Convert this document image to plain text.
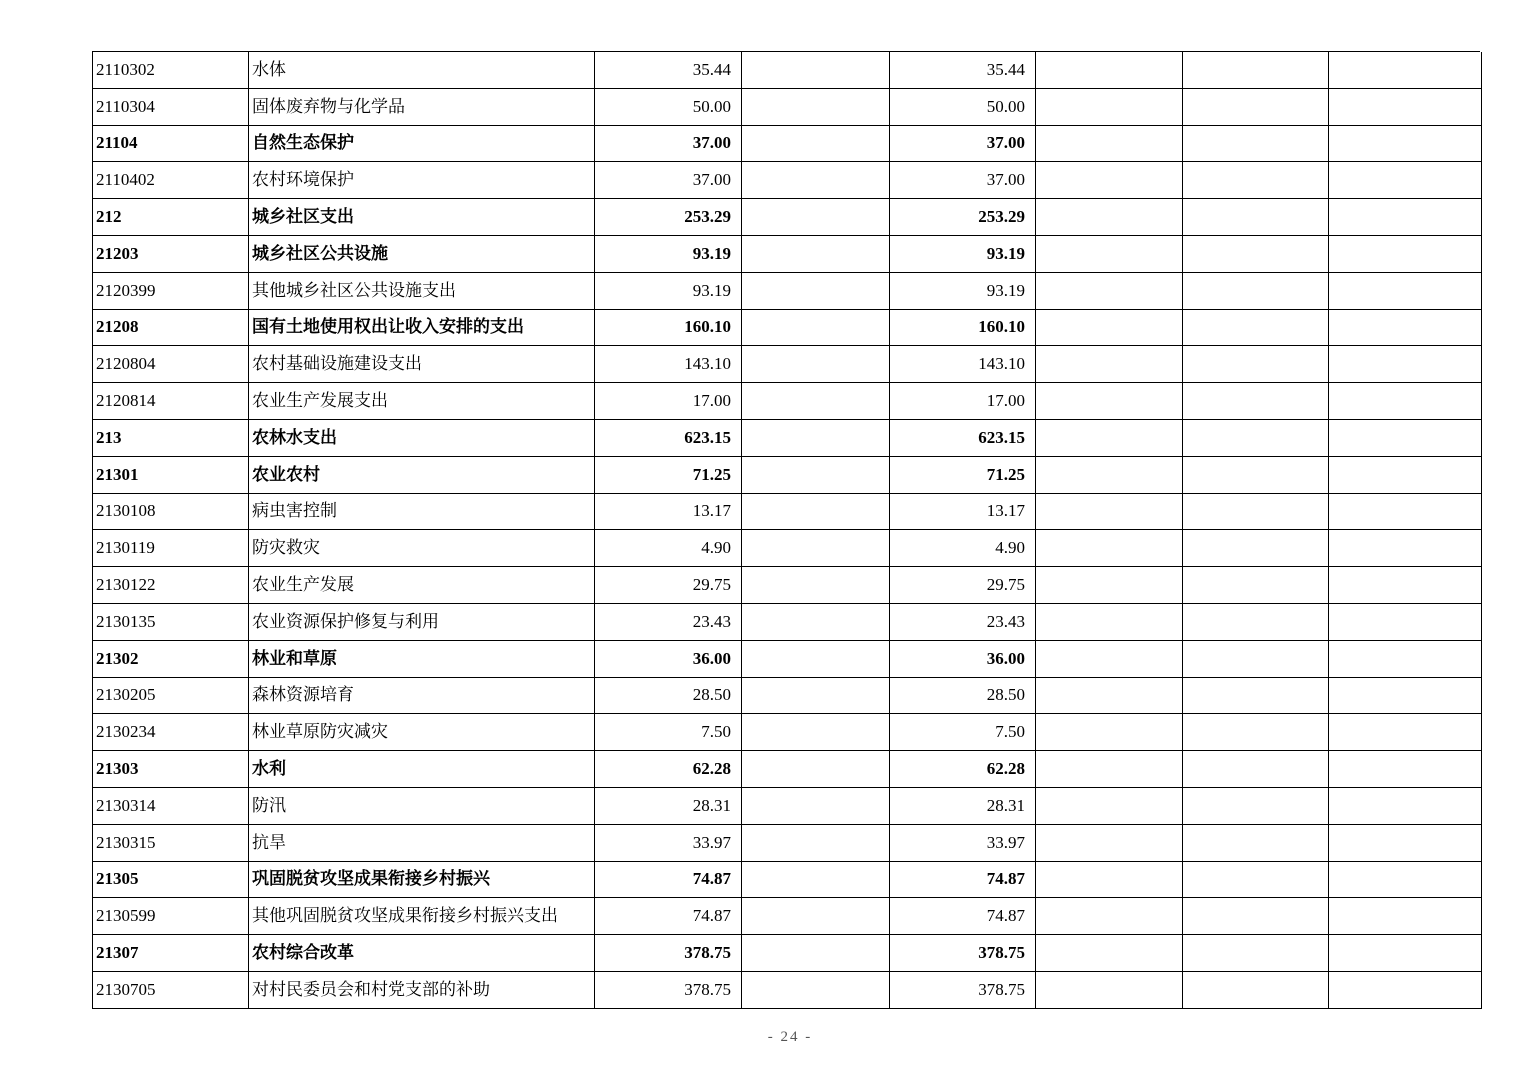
2110302	水体	35.44		35.44			
2110304	固体废弃物与化学品	50.00		50.00			
21104	自然生态保护	37.00		37.00			
2110402	农村环境保护	37.00		37.00			
212	城乡社区支出	253.29		253.29			
21203	城乡社区公共设施	93.19		93.19			
2120399	其他城乡社区公共设施支出	93.19		93.19			
21208	国有土地使用权出让收入安排的支出	160.10		160.10			
2120804	农村基础设施建设支出	143.10		143.10			
2120814	农业生产发展支出	17.00		17.00			
213	农林水支出	623.15		623.15			
21301	农业农村	71.25		71.25			
2130108	病虫害控制	13.17		13.17			
2130119	防灾救灾	4.90		4.90			
2130122	农业生产发展	29.75		29.75			
2130135	农业资源保护修复与利用	23.43		23.43			
21302	林业和草原	36.00		36.00			
2130205	森林资源培育	28.50		28.50			
2130234	林业草原防灾减灾	7.50		7.50			
21303	水利	62.28		62.28			
2130314	防汛	28.31		28.31			
2130315	抗旱	33.97		33.97			
21305	巩固脱贫攻坚成果衔接乡村振兴	74.87		74.87			
2130599	其他巩固脱贫攻坚成果衔接乡村振兴支出	74.87		74.87			
21307	农村综合改革	378.75		378.75			
2130705	对村民委员会和村党支部的补助	378.75		378.75			
- 24 -
